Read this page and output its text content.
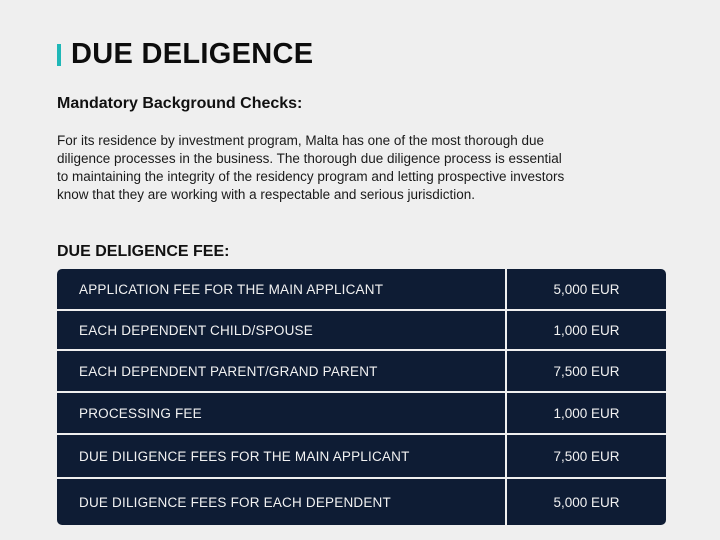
DUE DELIGENCE
Mandatory Background Checks:
For its residence by investment program, Malta has one of the most thorough due diligence processes in the business. The thorough due diligence process is essential to maintaining the integrity of the residency program and letting prospective investors know that they are working with a respectable and serious jurisdiction.
DUE DELIGENCE FEE:
APPLICATION FEE FOR THE MAIN APPLICANT	5,000 EUR
EACH DEPENDENT CHILD/SPOUSE	1,000 EUR
EACH DEPENDENT PARENT/GRAND PARENT	7,500 EUR
PROCESSING FEE	1,000 EUR
DUE DILIGENCE FEES FOR THE MAIN APPLICANT	7,500 EUR
DUE DILIGENCE FEES FOR EACH DEPENDENT	5,000 EUR
